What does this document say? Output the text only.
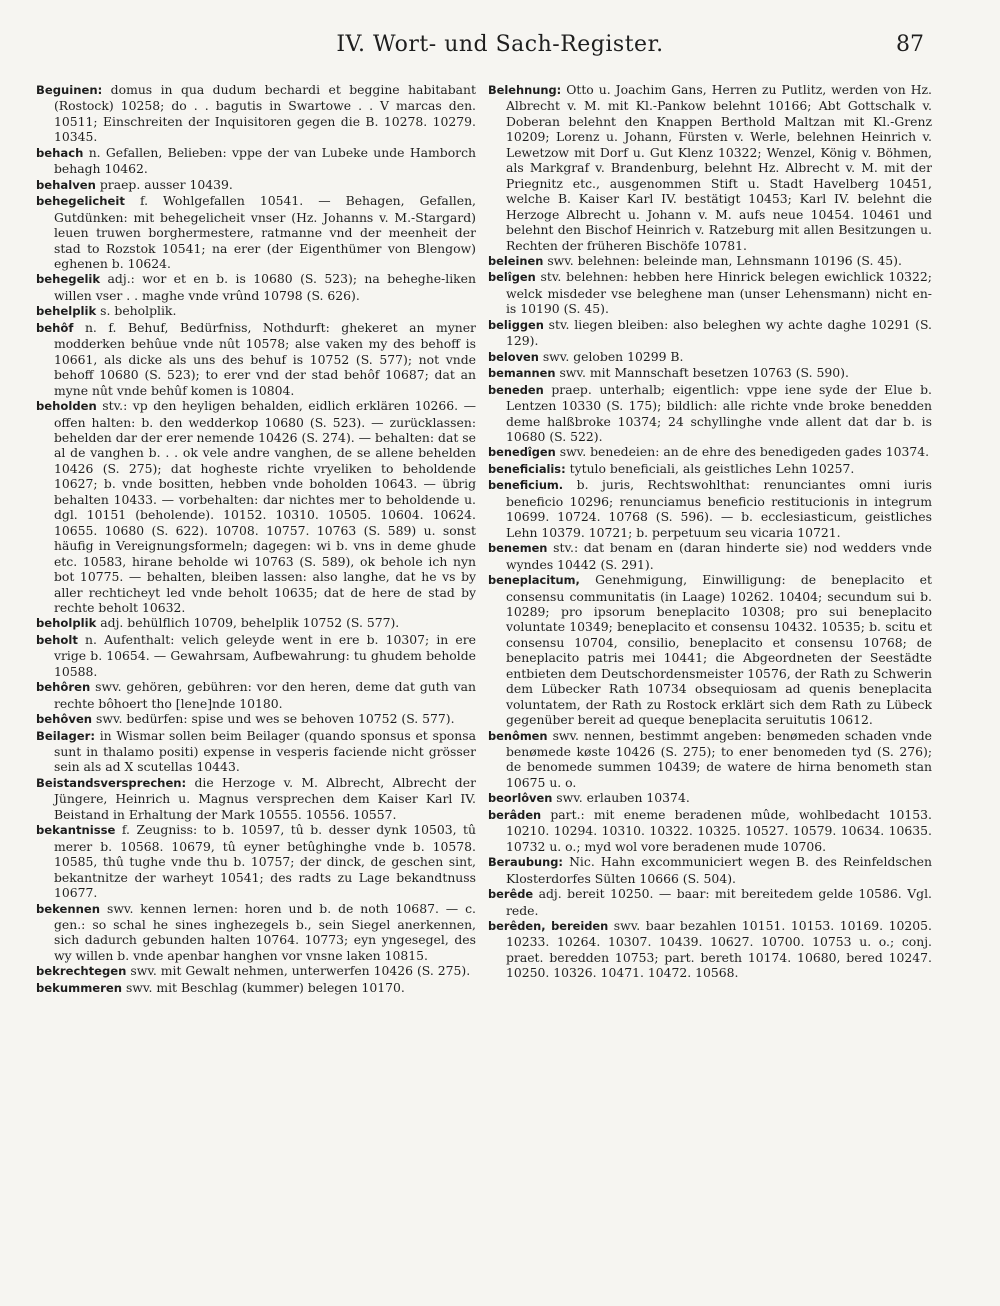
IV. Wort- und Sach-Register.	87
Beguinen: domus in qua dudum bechardi et beggine habitabant (Rostock) 10258; do . . bagutis in Swartowe . . V marcas den. 10511; Einschreiten der Inquisitoren gegen die B. 10278. 10279. 10345.
behach n. Gefallen, Belieben: vppe der van Lubeke unde Hamborch behagh 10462.
behalven praep. ausser 10439.
behegelicheit f. Wohlgefallen 10541. — Behagen, Gefallen, Gutdünken: mit behegelicheit vnser (Hz. Johanns v. M.-Stargard) leuen truwen borghermestere, ratmanne vnd der meenheit der stad to Rozstok 10541; na erer (der Eigenthümer von Blengow) eghenen b. 10624.
behegelik adj.: wor et en b. is 10680 (S. 523); na beheghe-liken willen vser . . maghe vnde vrûnd 10798 (S. 626).
behelplik s. beholplik.
behôf n. f. Behuf, Bedürfniss, Nothdurft: ghekeret an myner modderken behûue vnde nût 10578; alse vaken my des behoff is 10661, als dicke als uns des behuf is 10752 (S. 577); not vnde behoff 10680 (S. 523); to erer vnd der stad behôf 10687; dat an myne nût vnde behûf komen is 10804.
beholden stv.: vp den heyligen behalden, eidlich erklären 10266. — offen halten: b. den wedderkop 10680 (S. 523). — zurücklassen: behelden dar der erer nemende 10426 (S. 274). — behalten: dat se al de vanghen b. . . ok vele andre vanghen, de se allene behelden 10426 (S. 275); dat hogheste richte vryeliken to beholdende 10627; b. vnde bositten, hebben vnde boholden 10643. — übrig behalten 10433. — vorbehalten: dar nichtes mer to beholdende u. dgl. 10151 (beholende). 10152. 10310. 10505. 10604. 10624. 10655. 10680 (S. 622). 10708. 10757. 10763 (S. 589) u. sonst häufig in Vereignungsformeln; dagegen: wi b. vns in deme ghude etc. 10583, hirane beholde wi 10763 (S. 589), ok behole ich nyn bot 10775. — behalten, bleiben lassen: also langhe, dat he vs by aller rechticheyt led vnde beholt 10635; dat de here de stad by rechte beholt 10632.
beholplik adj. behülflich 10709, behelplik 10752 (S. 577).
beholt n. Aufenthalt: velich geleyde went in ere b. 10307; in ere vrige b. 10654. — Gewahrsam, Aufbewahrung: tu ghudem beholde 10588.
behôren swv. gehören, gebühren: vor den heren, deme dat guth van rechte bôhoert tho [lene]nde 10180.
behôven swv. bedürfen: spise und wes se behoven 10752 (S. 577).
Beilager: in Wismar sollen beim Beilager (quando sponsus et sponsa sunt in thalamo positi) expense in vesperis faciende nicht grösser sein als ad X scutellas 10443.
Beistandsversprechen: die Herzoge v. M. Albrecht, Albrecht der Jüngere, Heinrich u. Magnus versprechen dem Kaiser Karl IV. Beistand in Erhaltung der Mark 10555. 10556. 10557.
bekantnisse f. Zeugniss: to b. 10597, tû b. desser dynk 10503, tû merer b. 10568. 10679, tû eyner betûghinghe vnde b. 10578. 10585, thû tughe vnde thu b. 10757; der dinck, de geschen sint, bekantnitze der warheyt 10541; des radts zu Lage bekandtnuss 10677.
bekennen swv. kennen lernen: horen und b. de noth 10687. — c. gen.: so schal he sines inghezegels b., sein Siegel anerkennen, sich dadurch gebunden halten 10764. 10773; eyn yngesegel, des wy willen b. vnde apenbar hanghen vor vnsne laken 10815.
bekrechtegen swv. mit Gewalt nehmen, unterwerfen 10426 (S. 275).
bekummeren swv. mit Beschlag (kummer) belegen 10170.
Belehnung: Otto u. Joachim Gans, Herren zu Putlitz, werden von Hz. Albrecht v. M. mit Kl.-Pankow belehnt 10166; Abt Gottschalk v. Doberan belehnt den Knappen Berthold Maltzan mit Kl.-Grenz 10209; Lorenz u. Johann, Fürsten v. Werle, belehnen Heinrich v. Lewetzow mit Dorf u. Gut Klenz 10322; Wenzel, König v. Böhmen, als Markgraf v. Brandenburg, belehnt Hz. Albrecht v. M. mit der Priegnitz etc., ausgenommen Stift u. Stadt Havelberg 10451, welche B. Kaiser Karl IV. bestätigt 10453; Karl IV. belehnt die Herzoge Albrecht u. Johann v. M. aufs neue 10454. 10461 und belehnt den Bischof Heinrich v. Ratzeburg mit allen Besitzungen u. Rechten der früheren Bischöfe 10781.
beleinen swv. belehnen: beleinde man, Lehnsmann 10196 (S. 45).
belîgen stv. belehnen: hebben here Hinrick belegen ewichlick 10322; welck misdeder vse beleghene man (unser Lehensmann) nicht en-is 10190 (S. 45).
beliggen stv. liegen bleiben: also beleghen wy achte daghe 10291 (S. 129).
beloven swv. geloben 10299 B.
bemannen swv. mit Mannschaft besetzen 10763 (S. 590).
beneden praep. unterhalb; eigentlich: vppe iene syde der Elue b. Lentzen 10330 (S. 175); bildlich: alle richte vnde broke benedden deme halßbroke 10374; 24 schyllinghe vnde allent dat dar b. is 10680 (S. 522).
benedîgen swv. benedeien: an de ehre des benedigeden gades 10374.
beneficialis: tytulo beneficiali, als geistliches Lehn 10257.
beneficium. b. juris, Rechtswohlthat: renunciantes omni iuris beneficio 10296; renunciamus beneficio restitucionis in integrum 10699. 10724. 10768 (S. 596). — b. ecclesiasticum, geistliches Lehn 10379. 10721; b. perpetuum seu vicaria 10721.
benemen stv.: dat benam en (daran hinderte sie) nod wedders vnde wyndes 10442 (S. 291).
beneplacitum, Genehmigung, Einwilligung: de beneplacito et consensu communitatis (in Laage) 10262. 10404; secundum sui b. 10289; pro ipsorum beneplacito 10308; pro sui beneplacito voluntate 10349; beneplacito et consensu 10432. 10535; b. scitu et consensu 10704, consilio, beneplacito et consensu 10768; de beneplacito patris mei 10441; die Abgeordneten der Seestädte entbieten dem Deutschordensmeister 10576, der Rath zu Schwerin dem Lübecker Rath 10734 obsequiosam ad quenis beneplacita voluntatem, der Rath zu Rostock erklärt sich dem Rath zu Lübeck gegenüber bereit ad queque beneplacita seruitutis 10612.
benômen swv. nennen, bestimmt angeben: benømeden schaden vnde benømede køste 10426 (S. 275); to ener benomeden tyd (S. 276); de benomede summen 10439; de watere de hirna benometh stan 10675 u. o.
beorlôven swv. erlauben 10374.
berâden part.: mit eneme beradenen mûde, wohlbedacht 10153. 10210. 10294. 10310. 10322. 10325. 10527. 10579. 10634. 10635. 10732 u. o.; myd wol vore beradenen mude 10706.
Beraubung: Nic. Hahn excommuniciert wegen B. des Reinfeldschen Klosterdorfes Sülten 10666 (S. 504).
berêde adj. bereit 10250. — baar: mit bereitedem gelde 10586. Vgl. rede.
berêden, bereiden swv. baar bezahlen 10151. 10153. 10169. 10205. 10233. 10264. 10307. 10439. 10627. 10700. 10753 u. o.; conj. praet. beredden 10753; part. bereth 10174. 10680, bered 10247. 10250. 10326. 10471. 10472. 10568.
